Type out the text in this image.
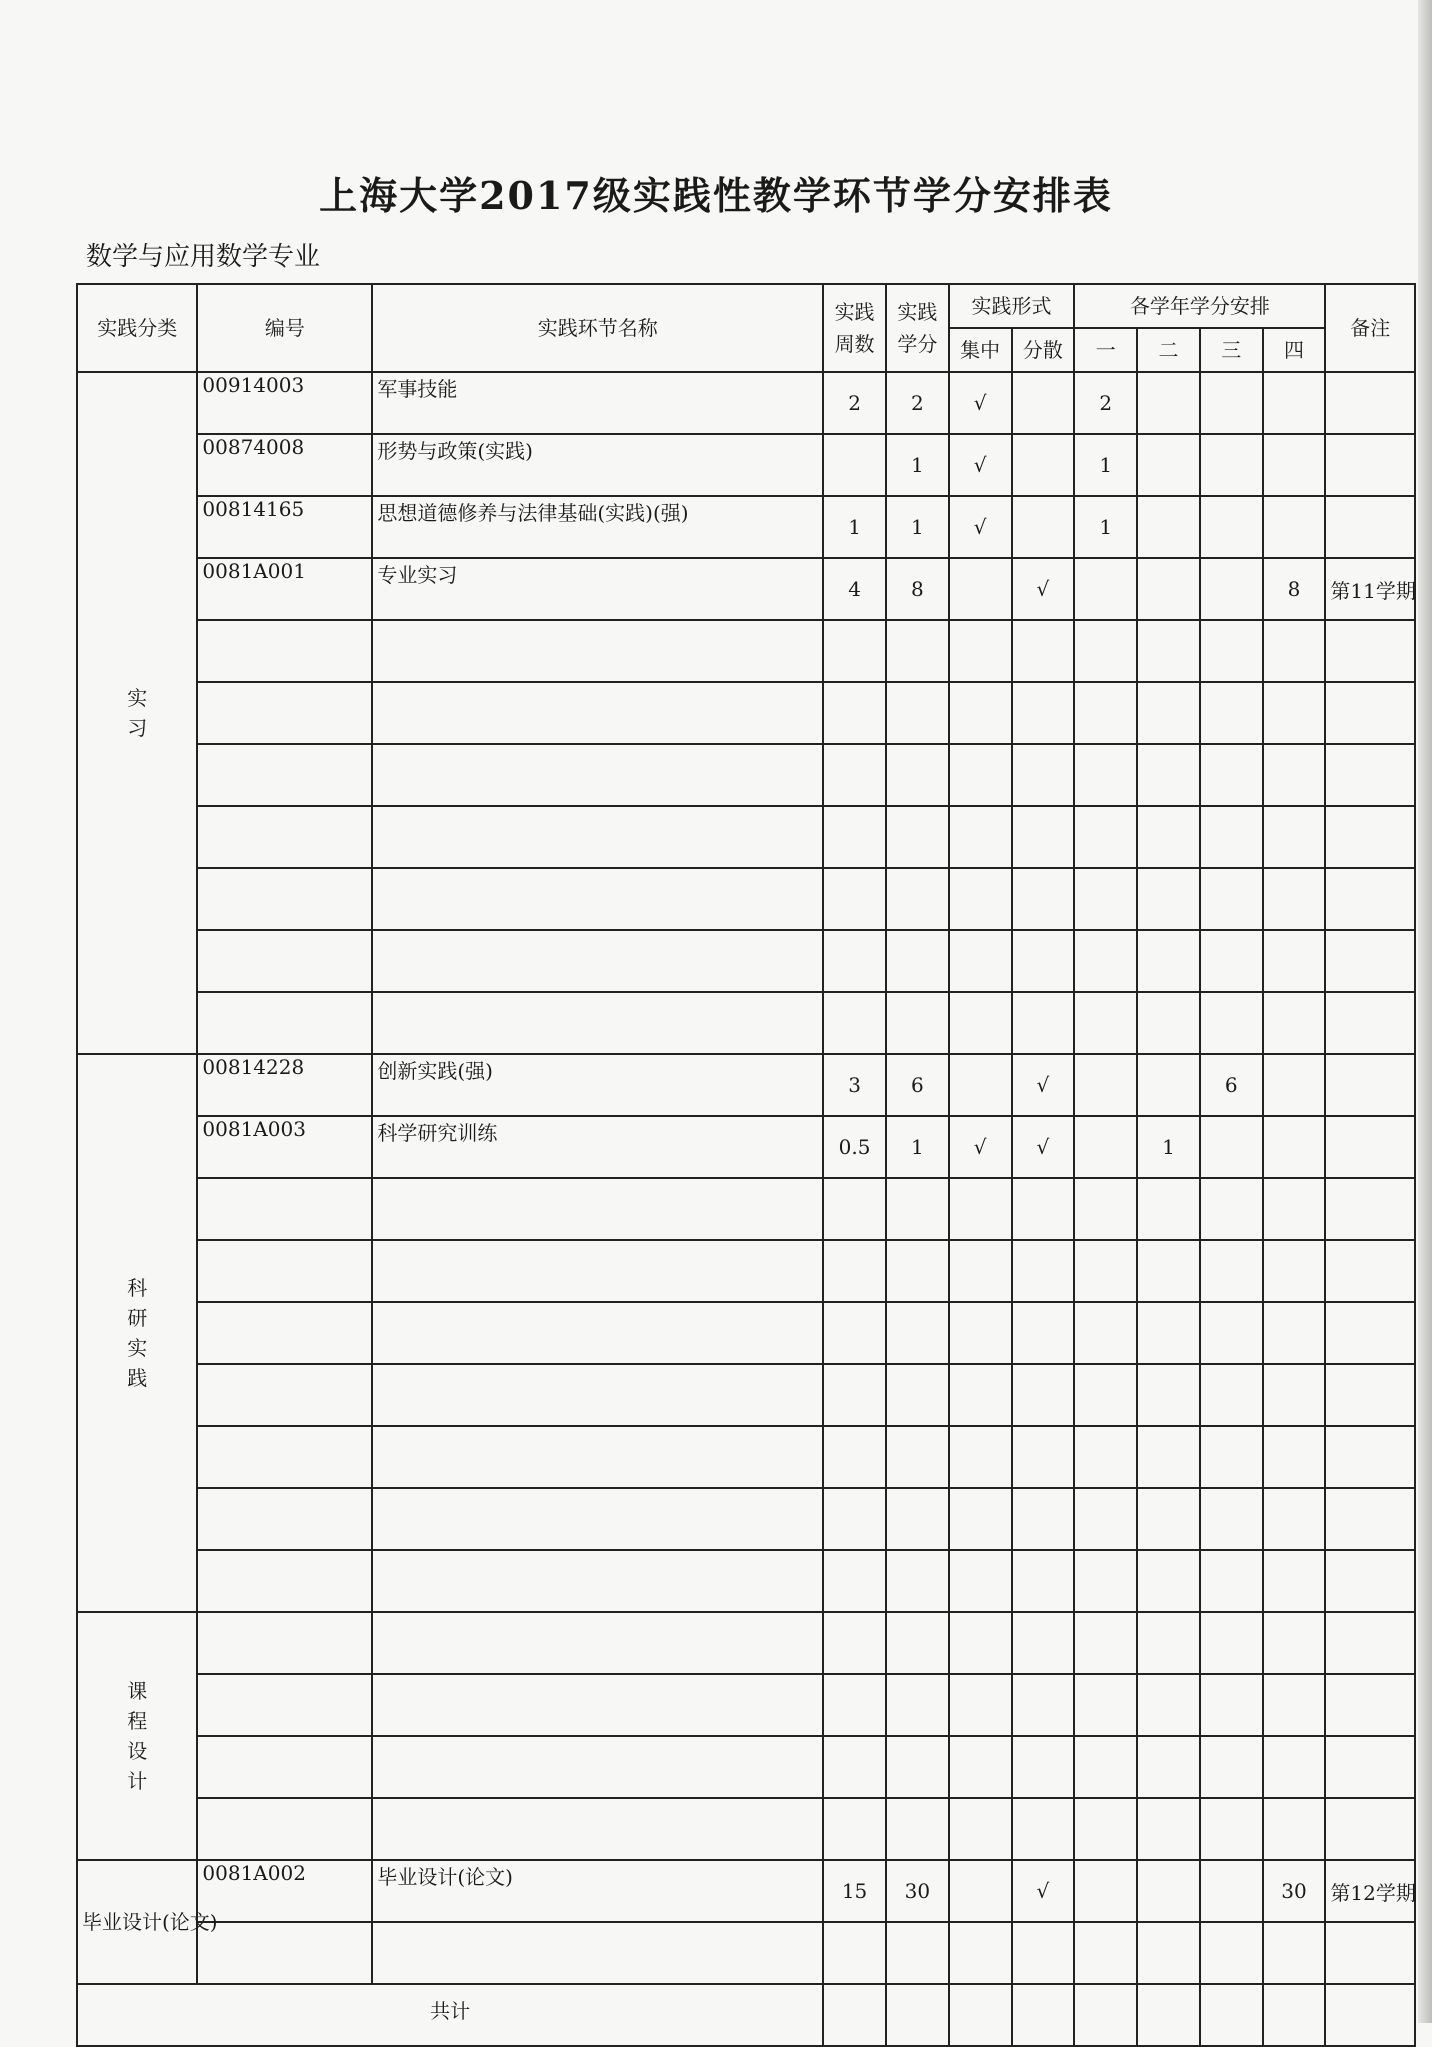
上海大学2017级实践性教学环节学分安排表
数学与应用数学专业
实践分类	编号	实践环节名称	实践周数	实践学分	实践形式		各学年学分安排				备注
					集中	分散	一	二	三	四	
实习	00914003	军事技能	2	2	√		2				
	00874008	形势与政策(实践)		1	√		1				
	00814165	思想道德修养与法律基础(实践)(强)	1	1	√		1				
	0081A001	专业实习	4	8		√				8	第11学期

科研实践	00814228	创新实践(强)	3	6		√			6		
	0081A003	科学研究训练	0.5	1	√	√		1			

课程设计											

毕业设计(论文)	0081A002	毕业设计(论文)	15	30		√				30	第12学期

共计											
